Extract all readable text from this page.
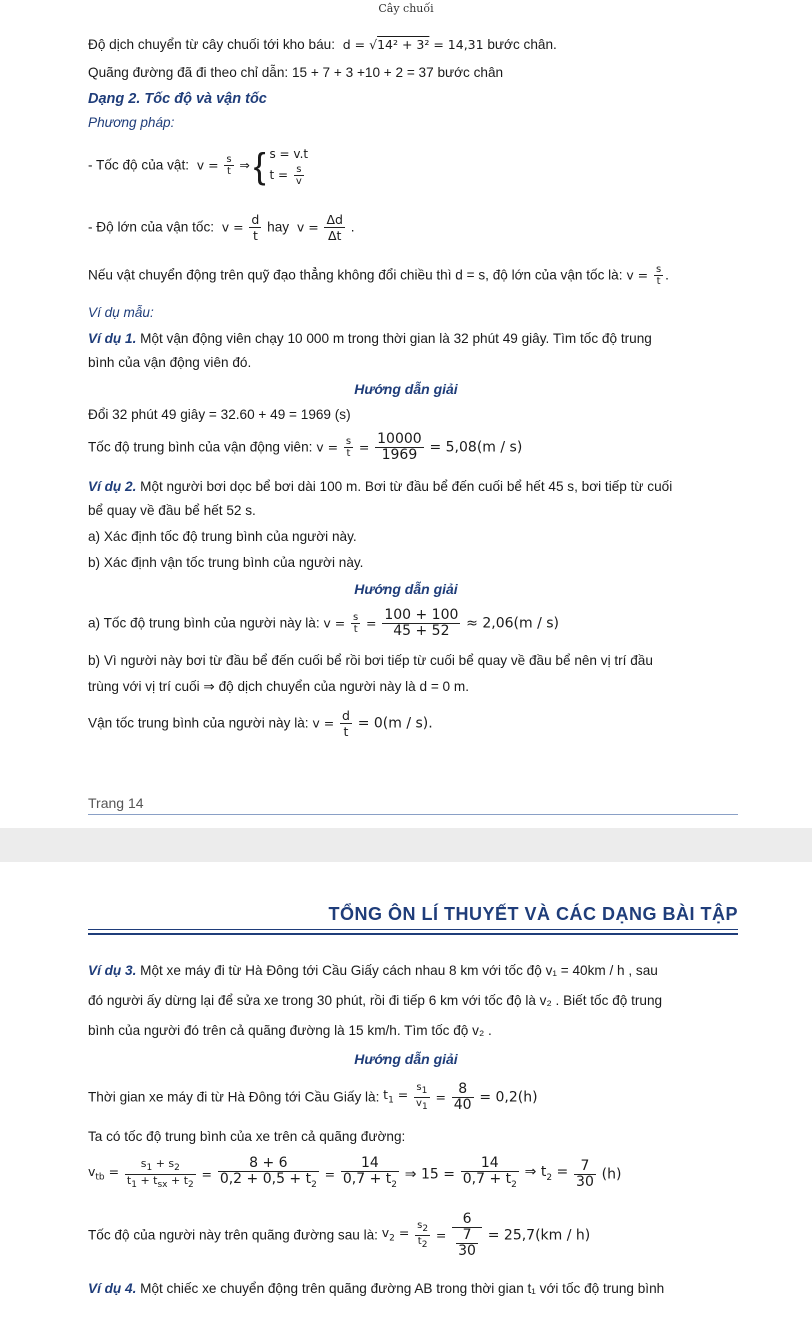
Cây chuối
Độ dịch chuyển từ cây chuối tới kho báu:  d = √14² + 3² = 14,31 bước chân.
Quãng đường đã đi theo chỉ dẫn: 15 + 7 + 3 +10 + 2 = 37 bước chân
Dạng 2. Tốc độ và vận tốc
Phương pháp:
- Tốc độ của vật:  $v = \frac{s}{t}$ ⇒ { s = v.t
$t = \frac{s}{v}$
- Độ lớn của vận tốc:  $v = \frac{d}{t}$ hay  $v = \frac{\Delta d}{\Delta t}$ .
Nếu vật chuyển động trên quỹ đạo thẳng không đổi chiều thì d = s, độ lớn của vận tốc là: $v = \frac{s}{t}$ .
Ví dụ mẫu:
Ví dụ 1. Một vận động viên chạy 10 000 m trong thời gian là 32 phút 49 giây. Tìm tốc độ trung
bình của vận động viên đó.
Hướng dẫn giải
Đổi 32 phút 49 giây = 32.60 + 49 = 1969 (s)
Tốc độ trung bình của vận động viên: $v = \frac{s}{t} = \frac{10000}{1969} = 5,08(m / s)$
Ví dụ 2. Một người bơi dọc bể bơi dài 100 m. Bơi từ đầu bể đến cuối bể hết 45 s, bơi tiếp từ cuối
bể quay về đầu bể hết 52 s.
a) Xác định tốc độ trung bình của người này.
b) Xác định vận tốc trung bình của người này.
Hướng dẫn giải
a) Tốc độ trung bình của người này là: $v = \frac{s}{t} = \frac{100 + 100}{45 + 52} \approx 2,06(m / s)$
b) Vì người này bơi từ đầu bể đến cuối bể rồi bơi tiếp từ cuối bể quay về đầu bể nên vị trí đầu
trùng với vị trí cuối ⇒ độ dịch chuyển của người này là d = 0 m.
Vận tốc trung bình của người này là: $v = \frac{d}{t} = 0(m / s)$.
Trang 14
TỔNG ÔN LÍ THUYẾT VÀ CÁC DẠNG BÀI TẬP
Ví dụ 3. Một xe máy đi từ Hà Đông tới Cầu Giấy cách nhau 8 km với tốc độ v₁ = 40km / h , sau
đó người ấy dừng lại để sửa xe trong 30 phút, rồi đi tiếp 6 km với tốc độ là v₂ . Biết tốc độ trung
bình của người đó trên cả quãng đường là 15 km/h. Tìm tốc độ v₂ .
Hướng dẫn giải
Thời gian xe máy đi từ Hà Đông tới Cầu Giấy là: $t_1 = \frac{s_1}{v_1} = \frac{8}{40} = 0,2(h)$
Ta có tốc độ trung bình của xe trên cả quãng đường:
$v_{tb} = \frac{s_1 + s_2}{t_1 + t_{sx} + t_2} = \frac{8 + 6}{0,2 + 0,5 + t_2} = \frac{14}{0,7 + t_2}$ ⇒ $15 = \frac{14}{0,7 + t_2}$ ⇒ $t_2 = \frac{7}{30} (h)$
Tốc độ của người này trên quãng đường sau là: $v_2 = \frac{s_2}{t_2} = \frac{6}{\frac{7}{30}} = 25,7(km / h)$
Ví dụ 4. Một chiếc xe chuyển động trên quãng đường AB trong thời gian t₁ với tốc độ trung bình
